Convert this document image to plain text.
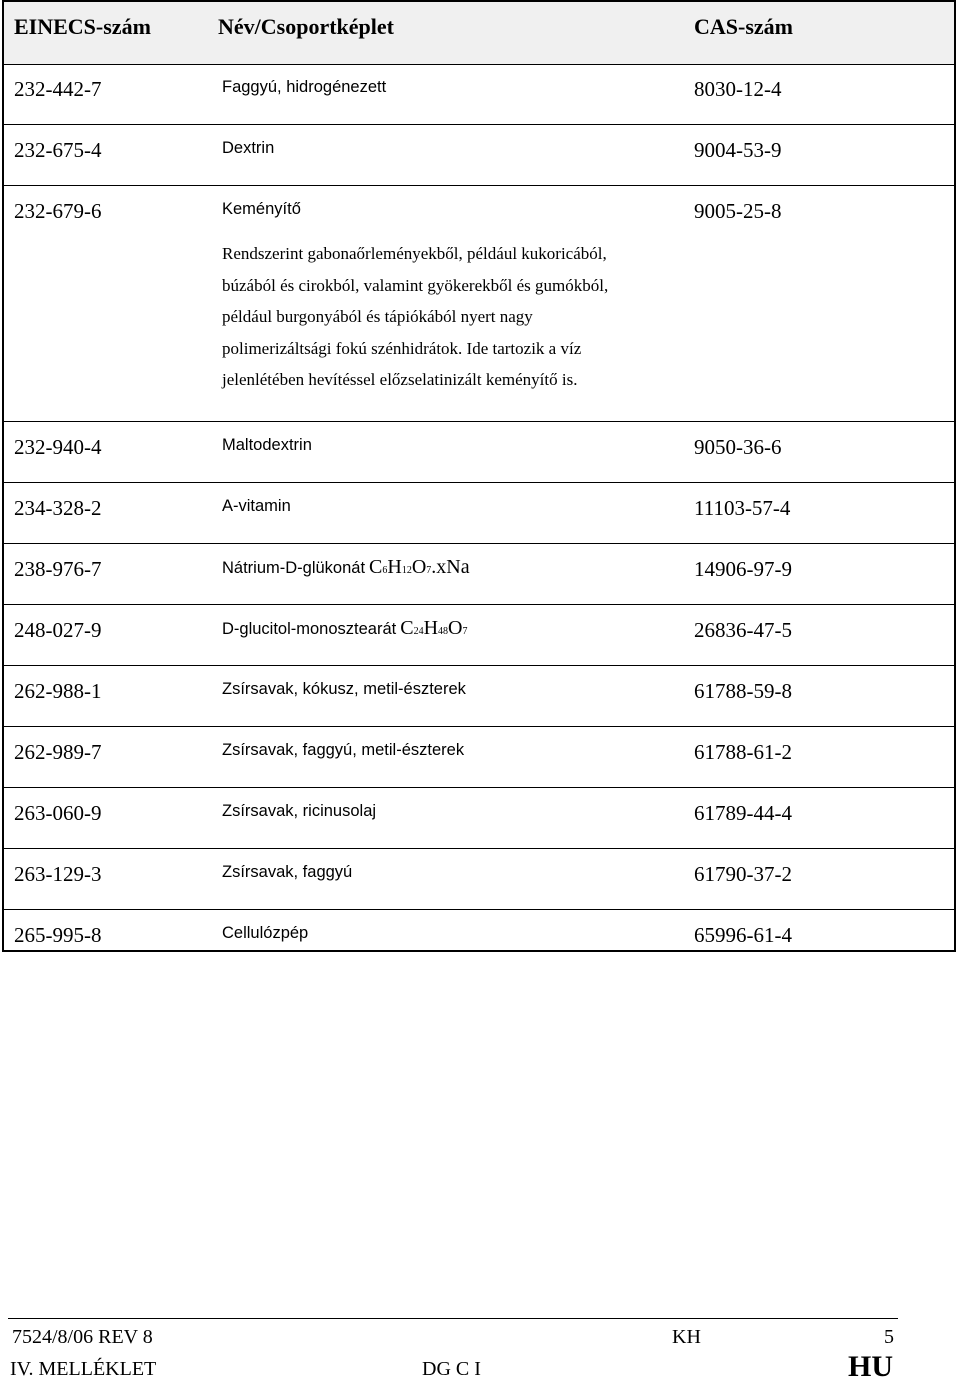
EINECS-szám	Név/Csoportképlet	CAS-szám
232-442-7	Faggyú, hidrogénezett	8030-12-4
232-675-4	Dextrin	9004-53-9
232-679-6	Keményítő	9005-25-8
Rendszerint gabonaőrleményekből, például kukoricából,
búzából és cirokból, valamint gyökerekből és gumókból,
például burgonyából és tápiókából nyert nagy
polimerizáltsági fokú szénhidrátok. Ide tartozik a víz
jelenlétében hevítéssel előzselatinizált keményítő is.
232-940-4	Maltodextrin	9050-36-6
234-328-2	A-vitamin	11103-57-4
238-976-7	Nátrium-D-glükonát C6H12O7.xNa	14906-97-9
248-027-9	D-glucitol-monosztearát C24H48O7	26836-47-5
262-988-1	Zsírsavak, kókusz, metil-észterek	61788-59-8
262-989-7	Zsírsavak, faggyú, metil-észterek	61788-61-2
263-060-9	Zsírsavak, ricinusolaj	61789-44-4
263-129-3	Zsírsavak, faggyú	61790-37-2
265-995-8	Cellulózpép	65996-61-4
7524/8/06 REV 8	KH	5
IV. MELLÉKLET	DG C I	HU
